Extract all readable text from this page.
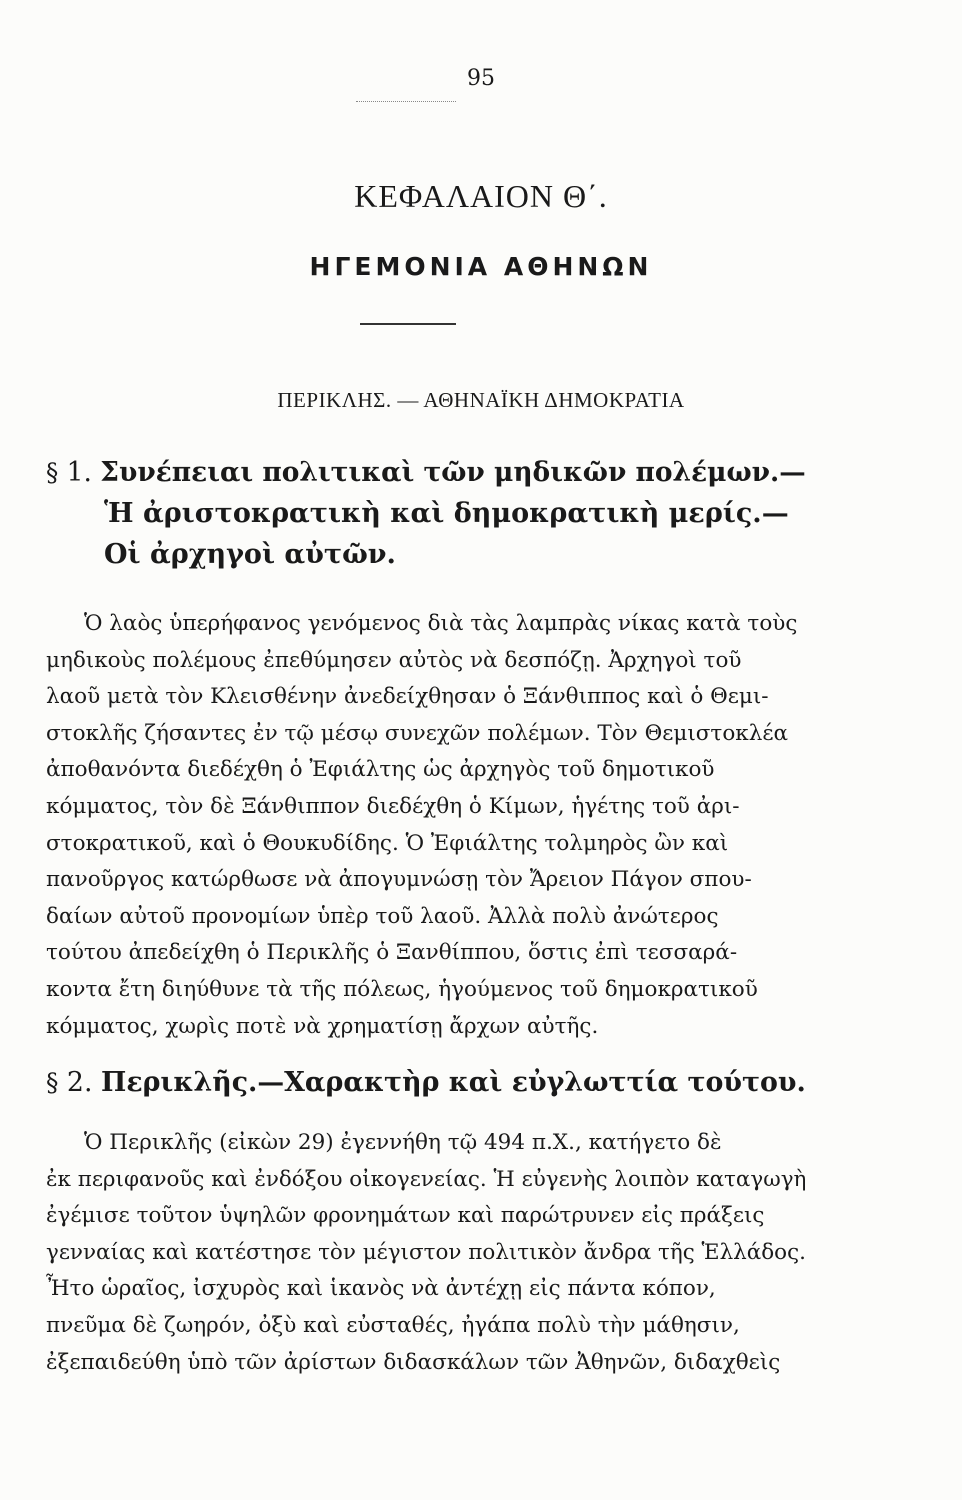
95
ΚΕΦΑΛΑΙΟΝ Θ΄.
ΗΓΕΜΟΝΙΑ ΑΘΗΝΩΝ
ΠΕΡΙΚΛΗΣ. — ΑΘΗΝΑΪΚΗ ΔΗΜΟΚΡΑΤΙΑ
§ 1. Συνέπειαι πολιτικαὶ τῶν μηδικῶν πολέμων.—
Ἡ ἀριστοκρατικὴ καὶ δημοκρατικὴ μερίς.—
Οἱ ἀρχηγοὶ αὐτῶν.
Ὁ λαὸς ὑπερήφανος γενόμενος διὰ τὰς λαμπρὰς νίκας κατὰ τοὺς
μηδικοὺς πολέμους ἐπεθύμησεν αὐτὸς νὰ δεσπόζῃ. Ἀρχηγοὶ τοῦ
λαοῦ μετὰ τὸν Κλεισθένην ἀνεδείχθησαν ὁ Ξάνθιππος καὶ ὁ Θεμι-
στοκλῆς ζήσαντες ἐν τῷ μέσῳ συνεχῶν πολέμων. Τὸν Θεμιστοκλέα
ἀποθανόντα διεδέχθη ὁ Ἐφιάλτης ὡς ἀρχηγὸς τοῦ δημοτικοῦ
κόμματος, τὸν δὲ Ξάνθιππον διεδέχθη ὁ Κίμων, ἡγέτης τοῦ ἀρι-
στοκρατικοῦ, καὶ ὁ Θουκυδίδης. Ὁ Ἐφιάλτης τολμηρὸς ὢν καὶ
πανοῦργος κατώρθωσε νὰ ἀπογυμνώσῃ τὸν Ἄρειον Πάγον σπου-
δαίων αὐτοῦ προνομίων ὑπὲρ τοῦ λαοῦ. Ἀλλὰ πολὺ ἀνώτερος
τούτου ἀπεδείχθη ὁ Περικλῆς ὁ Ξανθίππου, ὅστις ἐπὶ τεσσαρά-
κοντα ἔτη διηύθυνε τὰ τῆς πόλεως, ἡγούμενος τοῦ δημοκρατικοῦ
κόμματος, χωρὶς ποτὲ νὰ χρηματίσῃ ἄρχων αὐτῆς.
§ 2. Περικλῆς.—Χαρακτὴρ καὶ εὐγλωττία τούτου.
Ὁ Περικλῆς (εἰκὼν 29) ἐγεννήθη τῷ 494 π.Χ., κατήγετο δὲ
ἐκ περιφανοῦς καὶ ἐνδόξου οἰκογενείας. Ἡ εὐγενὴς λοιπὸν καταγωγὴ
ἐγέμισε τοῦτον ὑψηλῶν φρονημάτων καὶ παρώτρυνεν εἰς πράξεις
γενναίας καὶ κατέστησε τὸν μέγιστον πολιτικὸν ἄνδρα τῆς Ἑλλάδος.
Ἦτο ὡραῖος, ἰσχυρὸς καὶ ἱκανὸς νὰ ἀντέχῃ εἰς πάντα κόπον,
πνεῦμα δὲ ζωηρόν, ὀξὺ καὶ εὐσταθές, ἠγάπα πολὺ τὴν μάθησιν,
ἐξεπαιδεύθη ὑπὸ τῶν ἀρίστων διδασκάλων τῶν Ἀθηνῶν, διδαχθεὶς
